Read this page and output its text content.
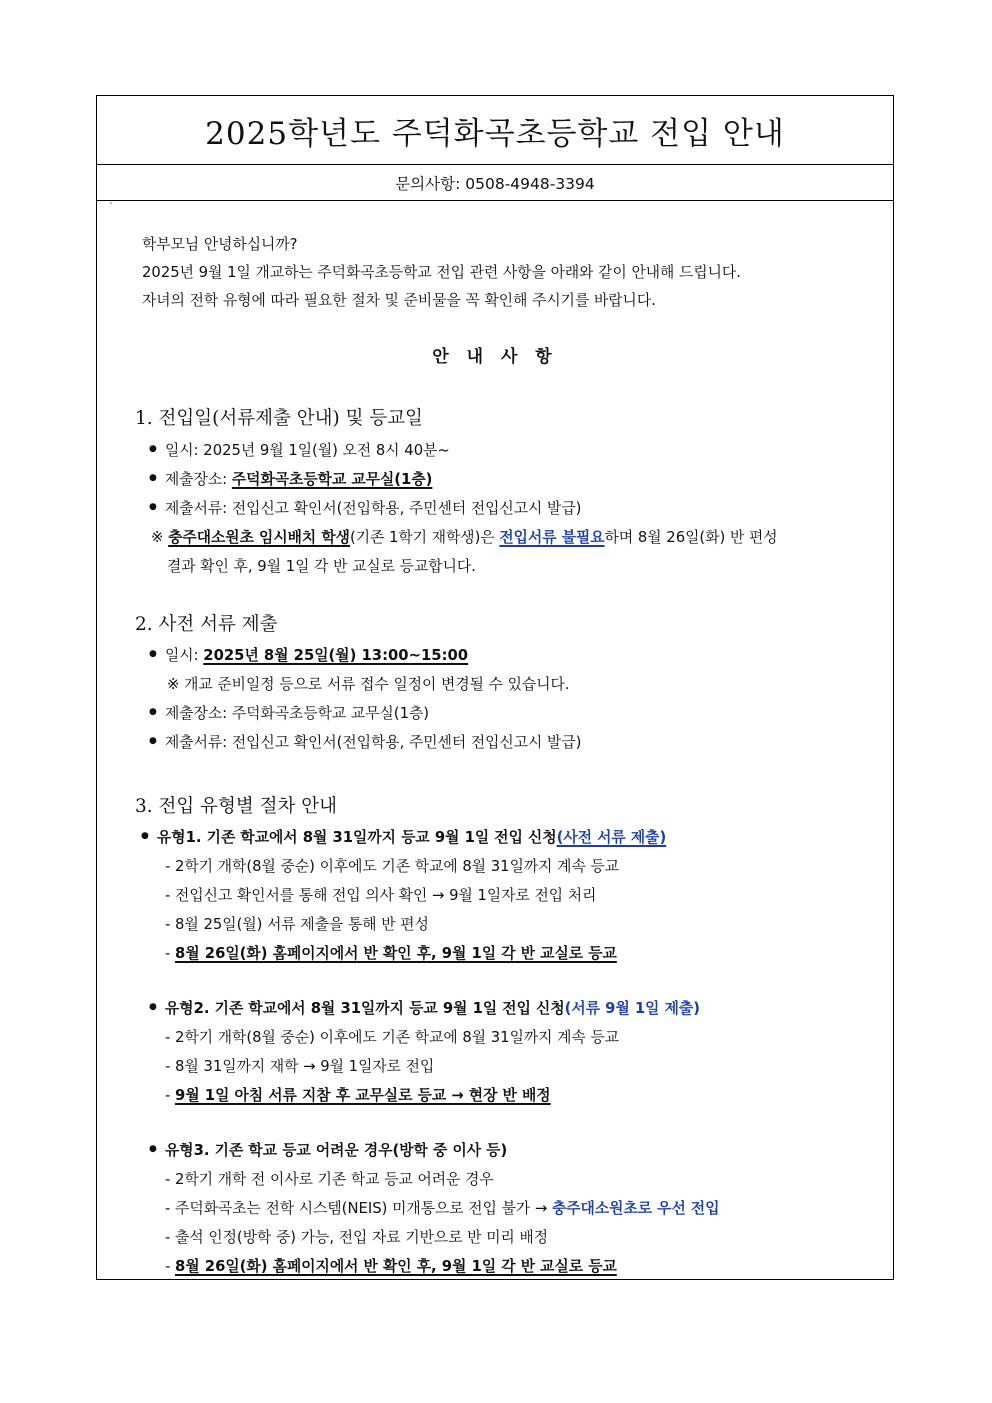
2025학년도 주덕화곡초등학교 전입 안내
문의사항: 0508-4948-3394
`
학부모님 안녕하십니까?
2025년 9월 1일 개교하는 주덕화곡초등학교 전입 관련 사항을 아래와 같이 안내해 드립니다.
자녀의 전학 유형에 따라 필요한 절차 및 준비물을 꼭 확인해 주시기를 바랍니다.
안 내 사 항
1. 전입일(서류제출 안내) 및 등교일
● 일시: 2025년 9월 1일(월) 오전 8시 40분~
● 제출장소: 주덕화곡초등학교 교무실(1층)
● 제출서류: 전입신고 확인서(전입학용, 주민센터 전입신고시 발급)
※ 충주대소원초 임시배치 학생(기존 1학기 재학생)은 전입서류 불필요하며 8월 26일(화) 반 편성
결과 확인 후, 9월 1일 각 반 교실로 등교합니다.
2. 사전 서류 제출
● 일시: 2025년 8월 25일(월) 13:00~15:00
※ 개교 준비일정 등으로 서류 접수 일정이 변경될 수 있습니다.
● 제출장소: 주덕화곡초등학교 교무실(1층)
● 제출서류: 전입신고 확인서(전입학용, 주민센터 전입신고시 발급)
3. 전입 유형별 절차 안내
● 유형1. 기존 학교에서 8월 31일까지 등교 9월 1일 전입 신청(사전 서류 제출)
- 2학기 개학(8월 중순) 이후에도 기존 학교에 8월 31일까지 계속 등교
- 전입신고 확인서를 통해 전입 의사 확인 → 9월 1일자로 전입 처리
- 8월 25일(월) 서류 제출을 통해 반 편성
- 8월 26일(화) 홈페이지에서 반 확인 후, 9월 1일 각 반 교실로 등교
● 유형2. 기존 학교에서 8월 31일까지 등교 9월 1일 전입 신청(서류 9월 1일 제출)
- 2학기 개학(8월 중순) 이후에도 기존 학교에 8월 31일까지 계속 등교
- 8월 31일까지 재학 → 9월 1일자로 전입
- 9월 1일 아침 서류 지참 후 교무실로 등교 → 현장 반 배정
● 유형3. 기존 학교 등교 어려운 경우(방학 중 이사 등)
- 2학기 개학 전 이사로 기존 학교 등교 어려운 경우
- 주덕화곡초는 전학 시스템(NEIS) 미개통으로 전입 불가 → 충주대소원초로 우선 전입
- 출석 인정(방학 중) 가능, 전입 자료 기반으로 반 미리 배정
- 8월 26일(화) 홈페이지에서 반 확인 후, 9월 1일 각 반 교실로 등교
